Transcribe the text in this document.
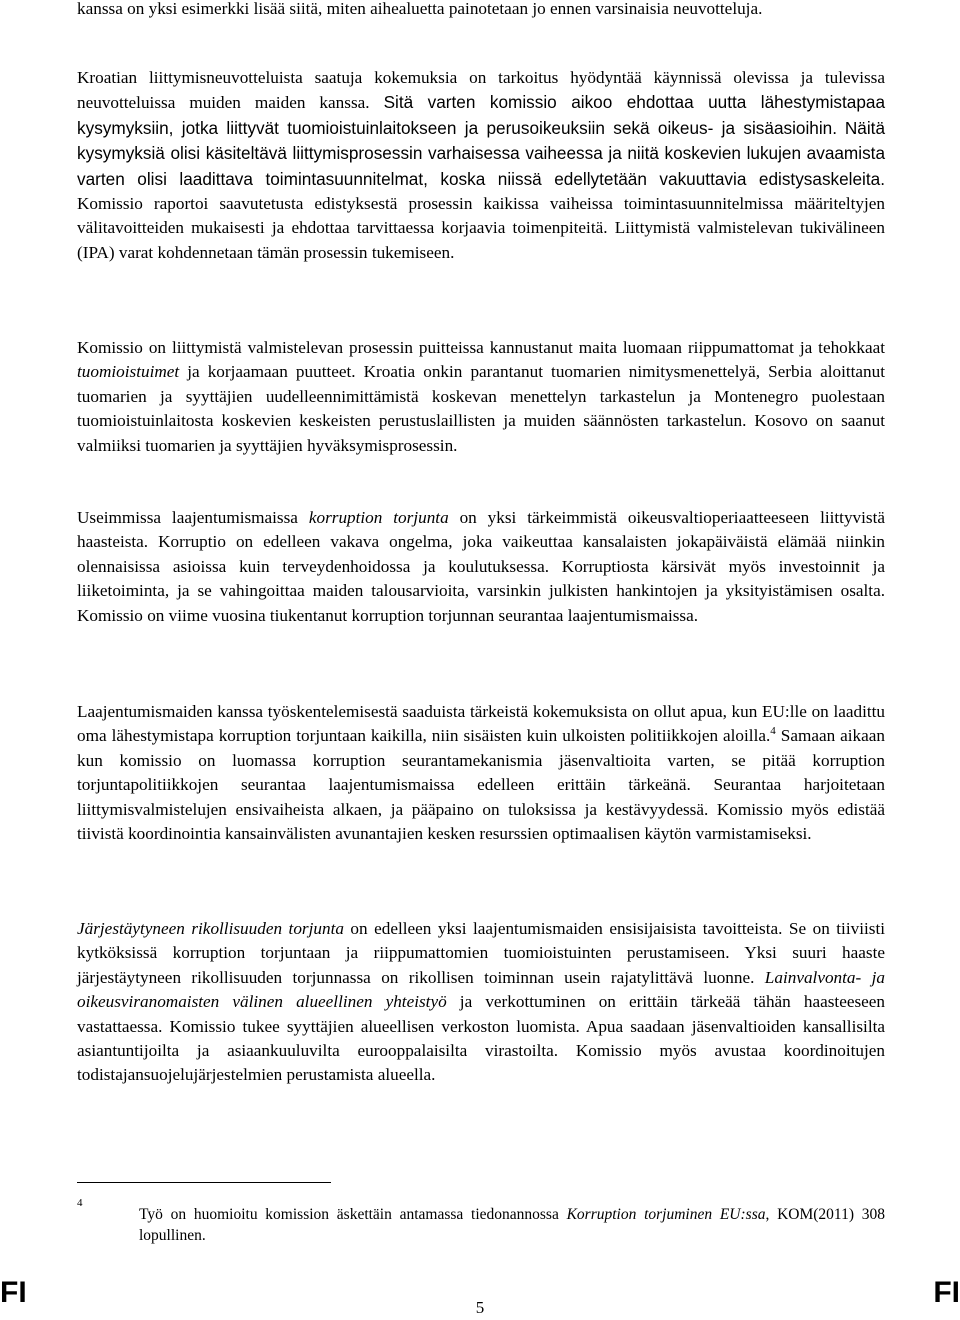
kanssa on yksi esimerkki lisää siitä, miten aihealuetta painotetaan jo ennen varsinaisia neuvotteluja.

Kroatian liittymisneuvotteluista saatuja kokemuksia on tarkoitus hyödyntää käynnissä olevissa ja tulevissa neuvotteluissa muiden maiden kanssa. Sitä varten komissio aikoo ehdottaa uutta lähestymistapaa kysymyksiin, jotka liittyvät tuomioistuinlaitokseen ja perusoikeuksiin sekä oikeus- ja sisäasioihin. Näitä kysymyksiä olisi käsiteltävä liittymisprosessin varhaisessa vaiheessa ja niitä koskevien lukujen avaamista varten olisi laadittava toimintasuunnitelmat, koska niissä edellytetään vakuuttavia edistysaskeleita. Komissio raportoi saavutetusta edistyksestä prosessin kaikissa vaiheissa toimintasuunnitelmissa määriteltyjen välitavoitteiden mukaisesti ja ehdottaa tarvittaessa korjaavia toimenpiteitä. Liittymistä valmistelevan tukivälineen (IPA) varat kohdennetaan tämän prosessin tukemiseen.

Komissio on liittymistä valmistelevan prosessin puitteissa kannustanut maita luomaan riippumattomat ja tehokkaat tuomioistuimet ja korjaamaan puutteet. Kroatia onkin parantanut tuomarien nimitysmenettelyä, Serbia aloittanut tuomarien ja syyttäjien uudelleennimittämistä koskevan menettelyn tarkastelun ja Montenegro puolestaan tuomioistuinlaitosta koskevien keskeisten perustuslaillisten ja muiden säännösten tarkastelun. Kosovo on saanut valmiiksi tuomarien ja syyttäjien hyväksymisprosessin.

Useimmissa laajentumismaissa korruption torjunta on yksi tärkeimmistä oikeusvaltioperiaatteeseen liittyvistä haasteista. Korruptio on edelleen vakava ongelma, joka vaikeuttaa kansalaisten jokapäiväistä elämää niinkin olennaisissa asioissa kuin terveydenhoidossa ja koulutuksessa. Korruptiosta kärsivät myös investoinnit ja liiketoiminta, ja se vahingoittaa maiden talousarvioita, varsinkin julkisten hankintojen ja yksityistämisen osalta. Komissio on viime vuosina tiukentanut korruption torjunnan seurantaa laajentumismaissa.

Laajentumismaiden kanssa työskentelemisestä saaduista tärkeistä kokemuksista on ollut apua, kun EU:lle on laadittu oma lähestymistapa korruption torjuntaan kaikilla, niin sisäisten kuin ulkoisten politiikkojen aloilla.$^4$ Samaan aikaan kun komissio on luomassa korruption seurantamekanismia jäsenvaltioita varten, se pitää korruption torjuntapolitiikkojen seurantaa laajentumismaissa edelleen erittäin tärkeänä. Seurantaa harjoitetaan liittymisvalmistelujen ensivaiheista alkaen, ja pääpaino on tuloksissa ja kestävyydessä. Komissio myös edistää tiivistä koordinointia kansainvälisten avunantajien kesken resurssien optimaalisen käytön varmistamiseksi.

Järjestäytyneen rikollisuuden torjunta on edelleen yksi laajentumismaiden ensisijaisista tavoitteista. Se on tiiviisti kytköksissä korruption torjuntaan ja riippumattomien tuomioistuinten perustamiseen. Yksi suuri haaste järjestäytyneen rikollisuuden torjunnassa on rikollisen toiminnan usein rajatylittävä luonne. Lainvalvonta- ja oikeusviranomaisten välinen alueellinen yhteistyö ja verkottuminen on erittäin tärkeää tähän haasteeseen vastattaessa. Komissio tukee syyttäjien alueellisen verkoston luomista. Apua saadaan jäsenvaltioiden kansallisilta asiantuntijoilta ja asiaankuuluvilta eurooppalaisilta virastoilta. Komissio myös avustaa koordinoitujen todistajansuojelujärjestelmien perustamista alueella.

4
Työ on huomioitu komission äskettäin antamassa tiedonannossa Korruption torjuminen EU:ssa, KOM(2011) 308 lopullinen.
FI	5	FI
